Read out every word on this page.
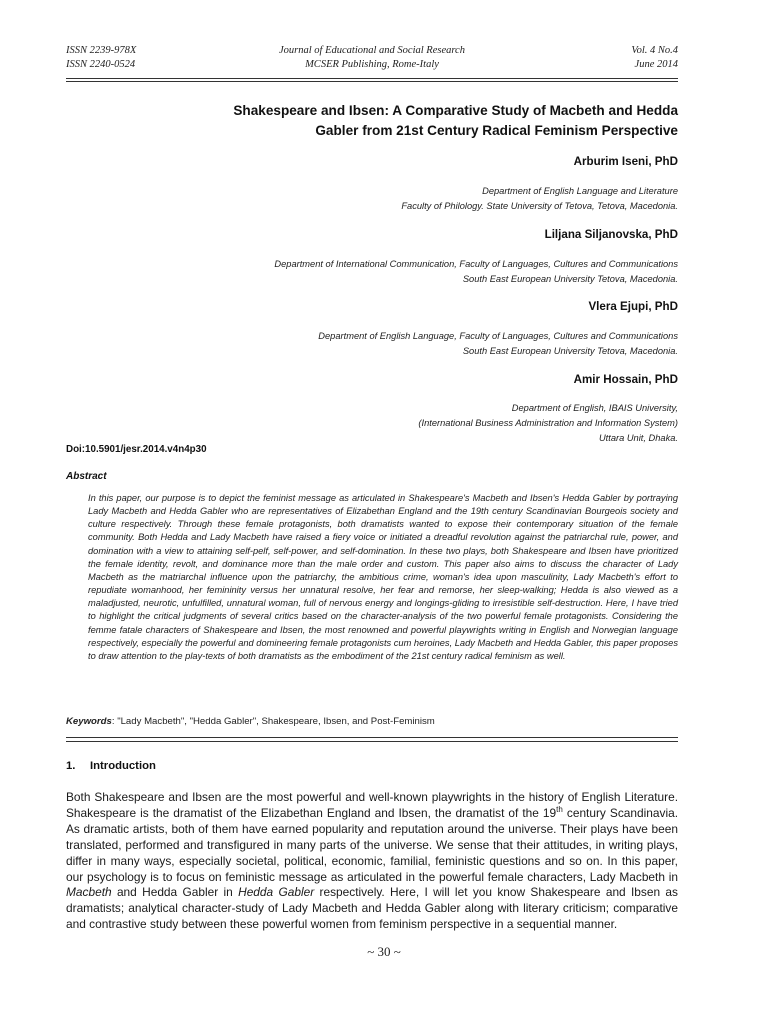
ISSN 2239-978X
ISSN 2240-0524
Journal of Educational and Social Research
MCSER Publishing, Rome-Italy
Vol. 4 No.4
June 2014
Shakespeare and Ibsen: A Comparative Study of Macbeth and Hedda
Gabler from 21st Century Radical Feminism Perspective
Arburim Iseni, PhD
Department of English Language and Literature
Faculty of Philology. State University of Tetova, Tetova, Macedonia.
Liljana Siljanovska, PhD
Department of International Communication, Faculty of Languages, Cultures and Communications
South East European University Tetova, Macedonia.
Vlera Ejupi, PhD
Department of English Language, Faculty of Languages, Cultures and Communications
South East European University Tetova, Macedonia.
Amir Hossain, PhD
Department of English, IBAIS University,
(International Business Administration and Information System)
Uttara Unit, Dhaka.
Doi:10.5901/jesr.2014.v4n4p30
Abstract
In this paper, our purpose is to depict the feminist message as articulated in Shakespeare's Macbeth and Ibsen's Hedda Gabler by portraying Lady Macbeth and Hedda Gabler who are representatives of Elizabethan England and the 19th century Scandinavian Bourgeois society and culture respectively. Through these female protagonists, both dramatists wanted to expose their contemporary situation of the female community. Both Hedda and Lady Macbeth have raised a fiery voice or initiated a dreadful revolution against the patriarchal rule, power, and domination with a view to attaining self-pelf, self-power, and self-domination. In these two plays, both Shakespeare and Ibsen have prioritized the female identity, revolt, and dominance more than the male order and custom. This paper also aims to discuss the character of Lady Macbeth as the matriarchal influence upon the patriarchy, the ambitious crime, woman's idea upon masculinity, Lady Macbeth's effort to repudiate womanhood, her femininity versus her unnatural resolve, her fear and remorse, her sleep-walking; Hedda is also viewed as a maladjusted, neurotic, unfulfilled, unnatural woman, full of nervous energy and longings-gliding to irresistible self-destruction. Here, I have tried to highlight the critical judgments of several critics based on the character-analysis of the two powerful female protagonists. Considering the femme fatale characters of Shakespeare and Ibsen, the most renowned and powerful playwrights writing in English and Norwegian language respectively, especially the powerful and domineering female protagonists cum heroines, Lady Macbeth and Hedda Gabler, this paper proposes to draw attention to the play-texts of both dramatists as the embodiment of the 21st century radical feminism as well.
Keywords: "Lady Macbeth", "Hedda Gabler", Shakespeare, Ibsen, and Post-Feminism
1. Introduction
Both Shakespeare and Ibsen are the most powerful and well-known playwrights in the history of English Literature. Shakespeare is the dramatist of the Elizabethan England and Ibsen, the dramatist of the 19th century Scandinavia. As dramatic artists, both of them have earned popularity and reputation around the universe. Their plays have been translated, performed and transfigured in many parts of the universe. We sense that their attitudes, in writing plays, differ in many ways, especially societal, political, economic, familial, feministic questions and so on. In this paper, our psychology is to focus on feministic message as articulated in the powerful female characters, Lady Macbeth in Macbeth and Hedda Gabler in Hedda Gabler respectively. Here, I will let you know Shakespeare and Ibsen as dramatists; analytical character-study of Lady Macbeth and Hedda Gabler along with literary criticism; comparative and contrastive study between these powerful women from feminism perspective in a sequential manner.
~ 30 ~
